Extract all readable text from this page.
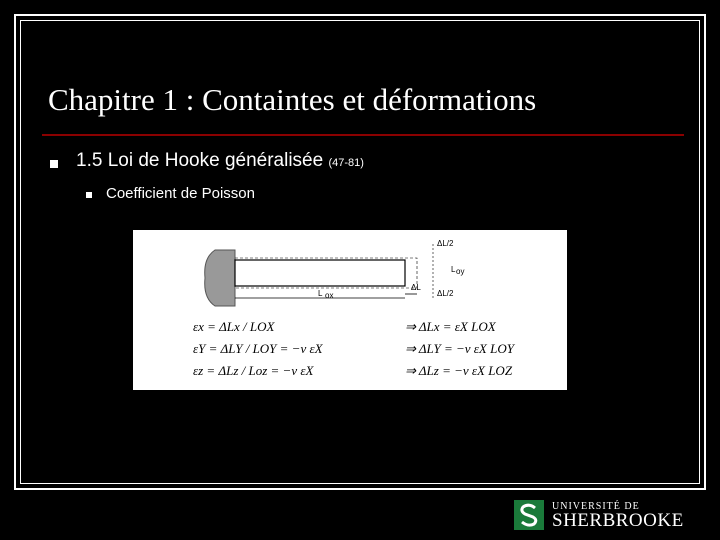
Chapitre 1 : Containtes et déformations
1.5 Loi de Hooke généralisée (47-81)
Coefficient de Poisson
L ox
ΔL
ΔL/2
ΔL/2
L oy
εx = ΔLx / LOX
εY = ΔLY / LOY = −ν εX
εz = ΔLz / Loz = −ν εX
⇒ ΔLx = εX LOX
⇒ ΔLY = −ν εX LOY
⇒ ΔLz = −ν εX LOZ
UNIVERSITÉ DE
SHERBROOKE
